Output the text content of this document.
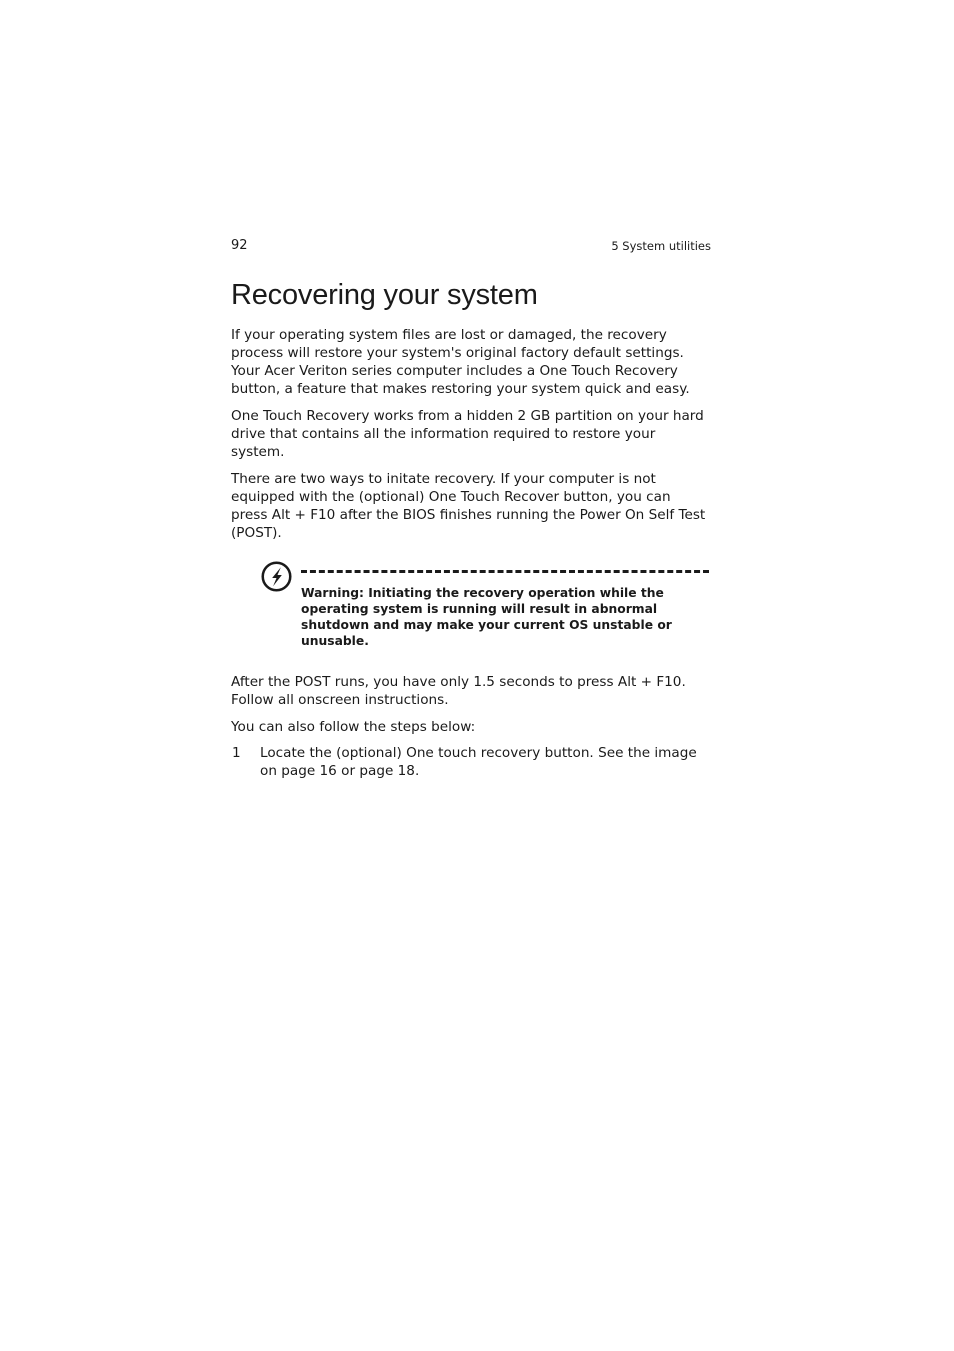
92	5 System utilities
Recovering your system

If your operating system files are lost or damaged, the recovery process will restore your system's original factory default settings. Your Acer Veriton series computer includes a One Touch Recovery button, a feature that makes restoring your system quick and easy.

One Touch Recovery works from a hidden 2 GB partition on your hard drive that contains all the information required to restore your system.

There are two ways to initate recovery. If your computer is not equipped with the (optional) One Touch Recover button, you can press Alt + F10 after the BIOS finishes running the Power On Self Test (POST).

Warning: Initiating the recovery operation while the operating system is running will result in abnormal shutdown and may make your current OS unstable or unusable.

After the POST runs, you have only 1.5 seconds to press Alt + F10. Follow all onscreen instructions.

You can also follow the steps below:

1 Locate the (optional) One touch recovery button. See the image on page 16 or page 18.
